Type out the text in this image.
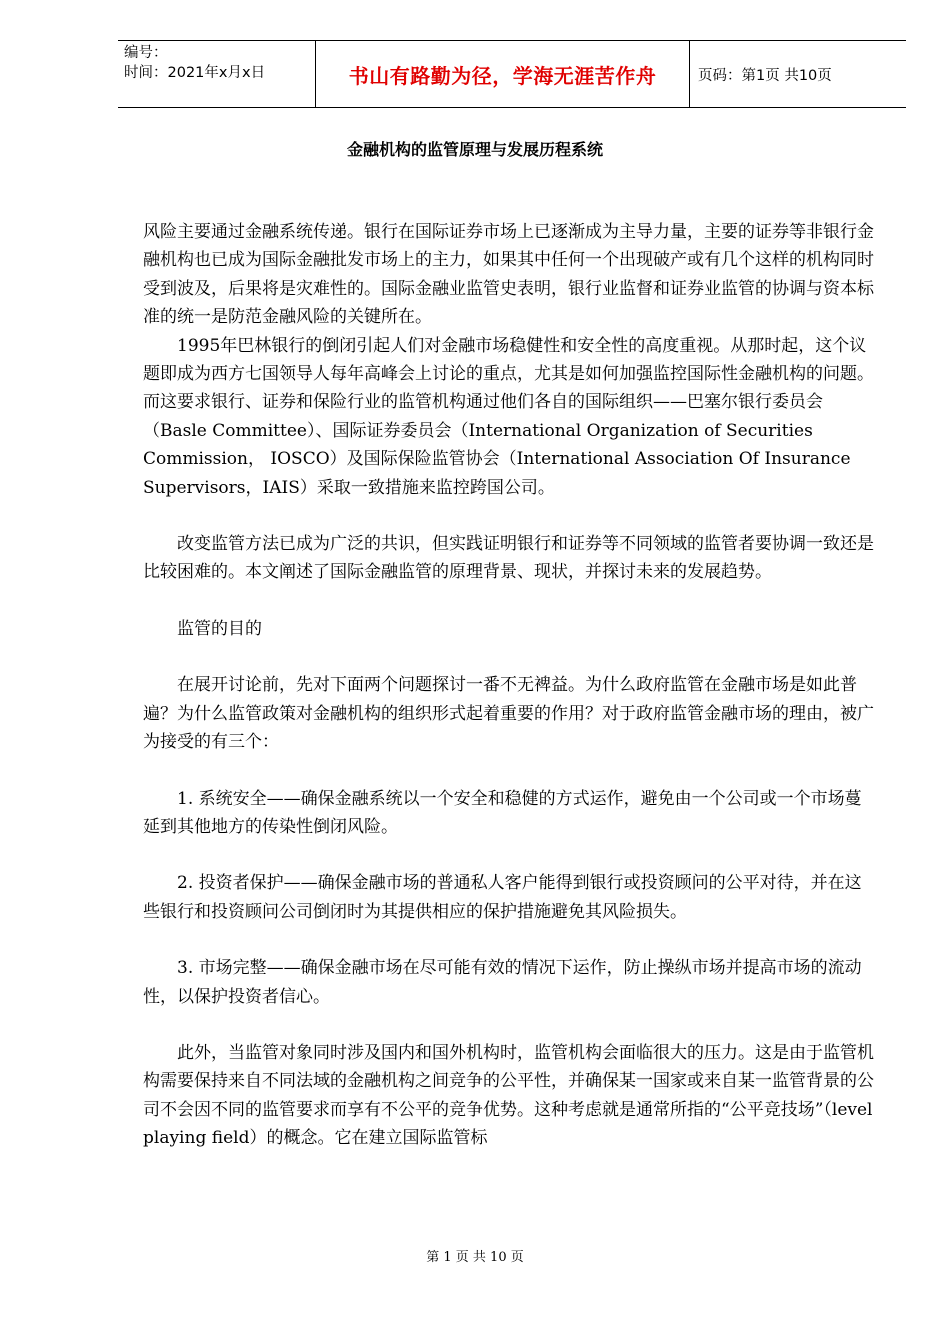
编号：
时间：2021年x月x日	书山有路勤为径，学海无涯苦作舟	页码：第1页 共10页
金融机构的监管原理与发展历程系统

风险主要通过金融系统传递。银行在国际证券市场上已逐渐成为主导力量，主要的证券等非银行金融机构也已成为国际金融批发市场上的主力，如果其中任何一个出现破产或有几个这样的机构同时受到波及，后果将是灾难性的。国际金融业监管史表明，银行业监督和证券业监管的协调与资本标准的统一是防范金融风险的关键所在。

1995年巴林银行的倒闭引起人们对金融市场稳健性和安全性的高度重视。从那时起，这个议题即成为西方七国领导人每年高峰会上讨论的重点，尤其是如何加强监控国际性金融机构的问题。而这要求银行、证券和保险行业的监管机构通过他们各自的国际组织——巴塞尔银行委员会（Basle Committee）、国际证券委员会（International Organization of Securities Commission， IOSCO）及国际保险监管协会（International Association Of Insurance Supervisors，IAIS）采取一致措施来监控跨国公司。

改变监管方法已成为广泛的共识，但实践证明银行和证券等不同领域的监管者要协调一致还是比较困难的。本文阐述了国际金融监管的原理背景、现状，并探讨未来的发展趋势。

监管的目的

在展开讨论前，先对下面两个问题探讨一番不无裨益。为什么政府监管在金融市场是如此普遍？为什么监管政策对金融机构的组织形式起着重要的作用？对于政府监管金融市场的理由，被广为接受的有三个：

1. 系统安全——确保金融系统以一个安全和稳健的方式运作，避免由一个公司或一个市场蔓延到其他地方的传染性倒闭风险。

2. 投资者保护——确保金融市场的普通私人客户能得到银行或投资顾问的公平对待，并在这些银行和投资顾问公司倒闭时为其提供相应的保护措施避免其风险损失。

3. 市场完整——确保金融市场在尽可能有效的情况下运作，防止操纵市场并提高市场的流动性，以保护投资者信心。

此外，当监管对象同时涉及国内和国外机构时，监管机构会面临很大的压力。这是由于监管机构需要保持来自不同法域的金融机构之间竞争的公平性，并确保某一国家或来自某一监管背景的公司不会因不同的监管要求而享有不公平的竞争优势。这种考虑就是通常所指的“公平竞技场”（level playing field）的概念。它在建立国际监管标

第 1 页 共 10 页
